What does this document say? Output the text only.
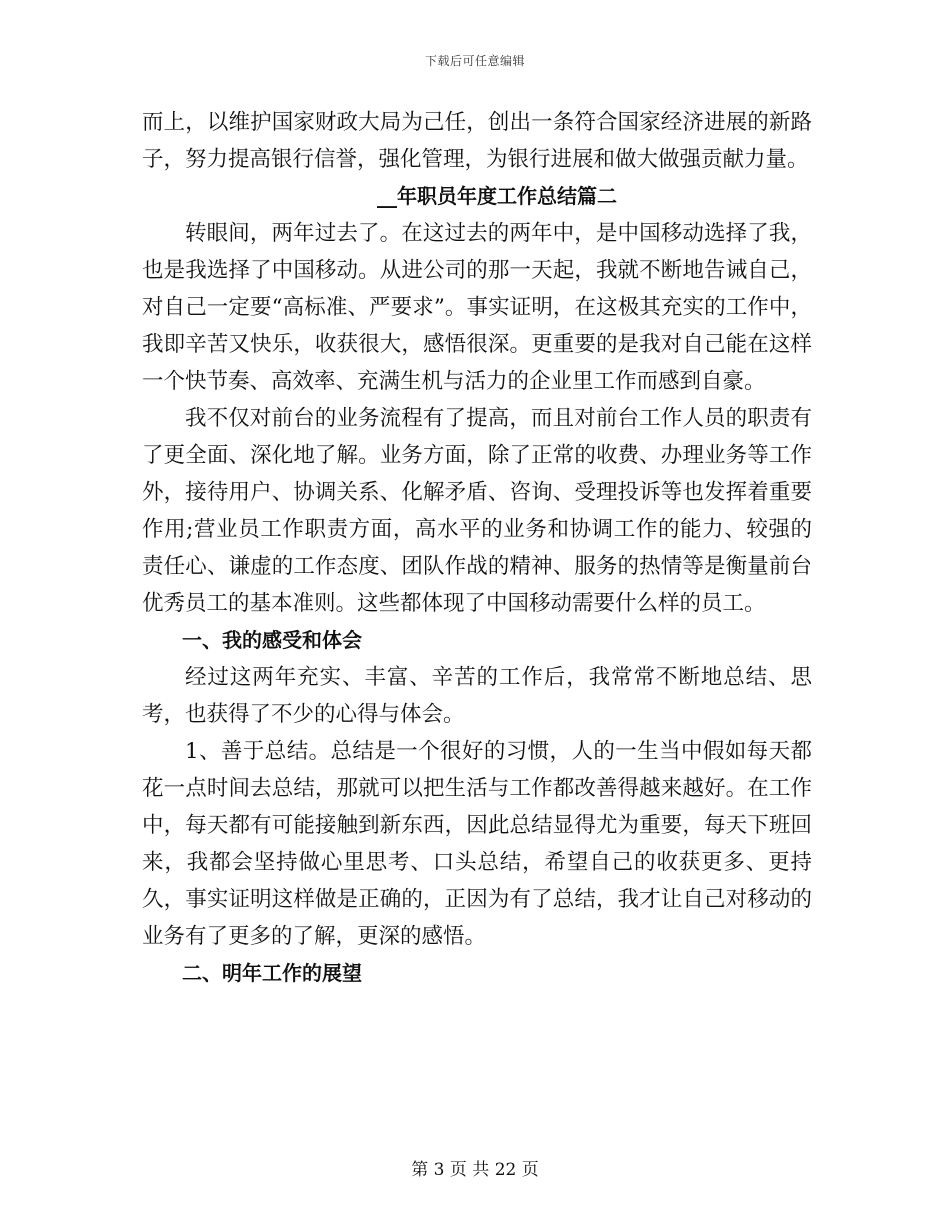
下载后可任意编辑

而上，以维护国家财政大局为己任，创出一条符合国家经济进展的新路子，努力提高银行信誉，强化管理，为银行进展和做大做强贡献力量。

__年职员年度工作总结篇二

转眼间，两年过去了。在这过去的两年中，是中国移动选择了我，也是我选择了中国移动。从进公司的那一天起，我就不断地告诫自己，对自己一定要“高标准、严要求”。事实证明，在这极其充实的工作中，我即辛苦又快乐，收获很大，感悟很深。更重要的是我对自己能在这样一个快节奏、高效率、充满生机与活力的企业里工作而感到自豪。

我不仅对前台的业务流程有了提高，而且对前台工作人员的职责有了更全面、深化地了解。业务方面，除了正常的收费、办理业务等工作外，接待用户、协调关系、化解矛盾、咨询、受理投诉等也发挥着重要作用;营业员工作职责方面，高水平的业务和协调工作的能力、较强的责任心、谦虚的工作态度、团队作战的精神、服务的热情等是衡量前台优秀员工的基本准则。这些都体现了中国移动需要什么样的员工。

一、我的感受和体会

经过这两年充实、丰富、辛苦的工作后，我常常不断地总结、思考，也获得了不少的心得与体会。

1、善于总结。总结是一个很好的习惯，人的一生当中假如每天都花一点时间去总结，那就可以把生活与工作都改善得越来越好。在工作中，每天都有可能接触到新东西，因此总结显得尤为重要，每天下班回来，我都会坚持做心里思考、口头总结，希望自己的收获更多、更持久，事实证明这样做是正确的，正因为有了总结，我才让自己对移动的业务有了更多的了解，更深的感悟。

二、明年工作的展望

第 3 页 共 22 页
